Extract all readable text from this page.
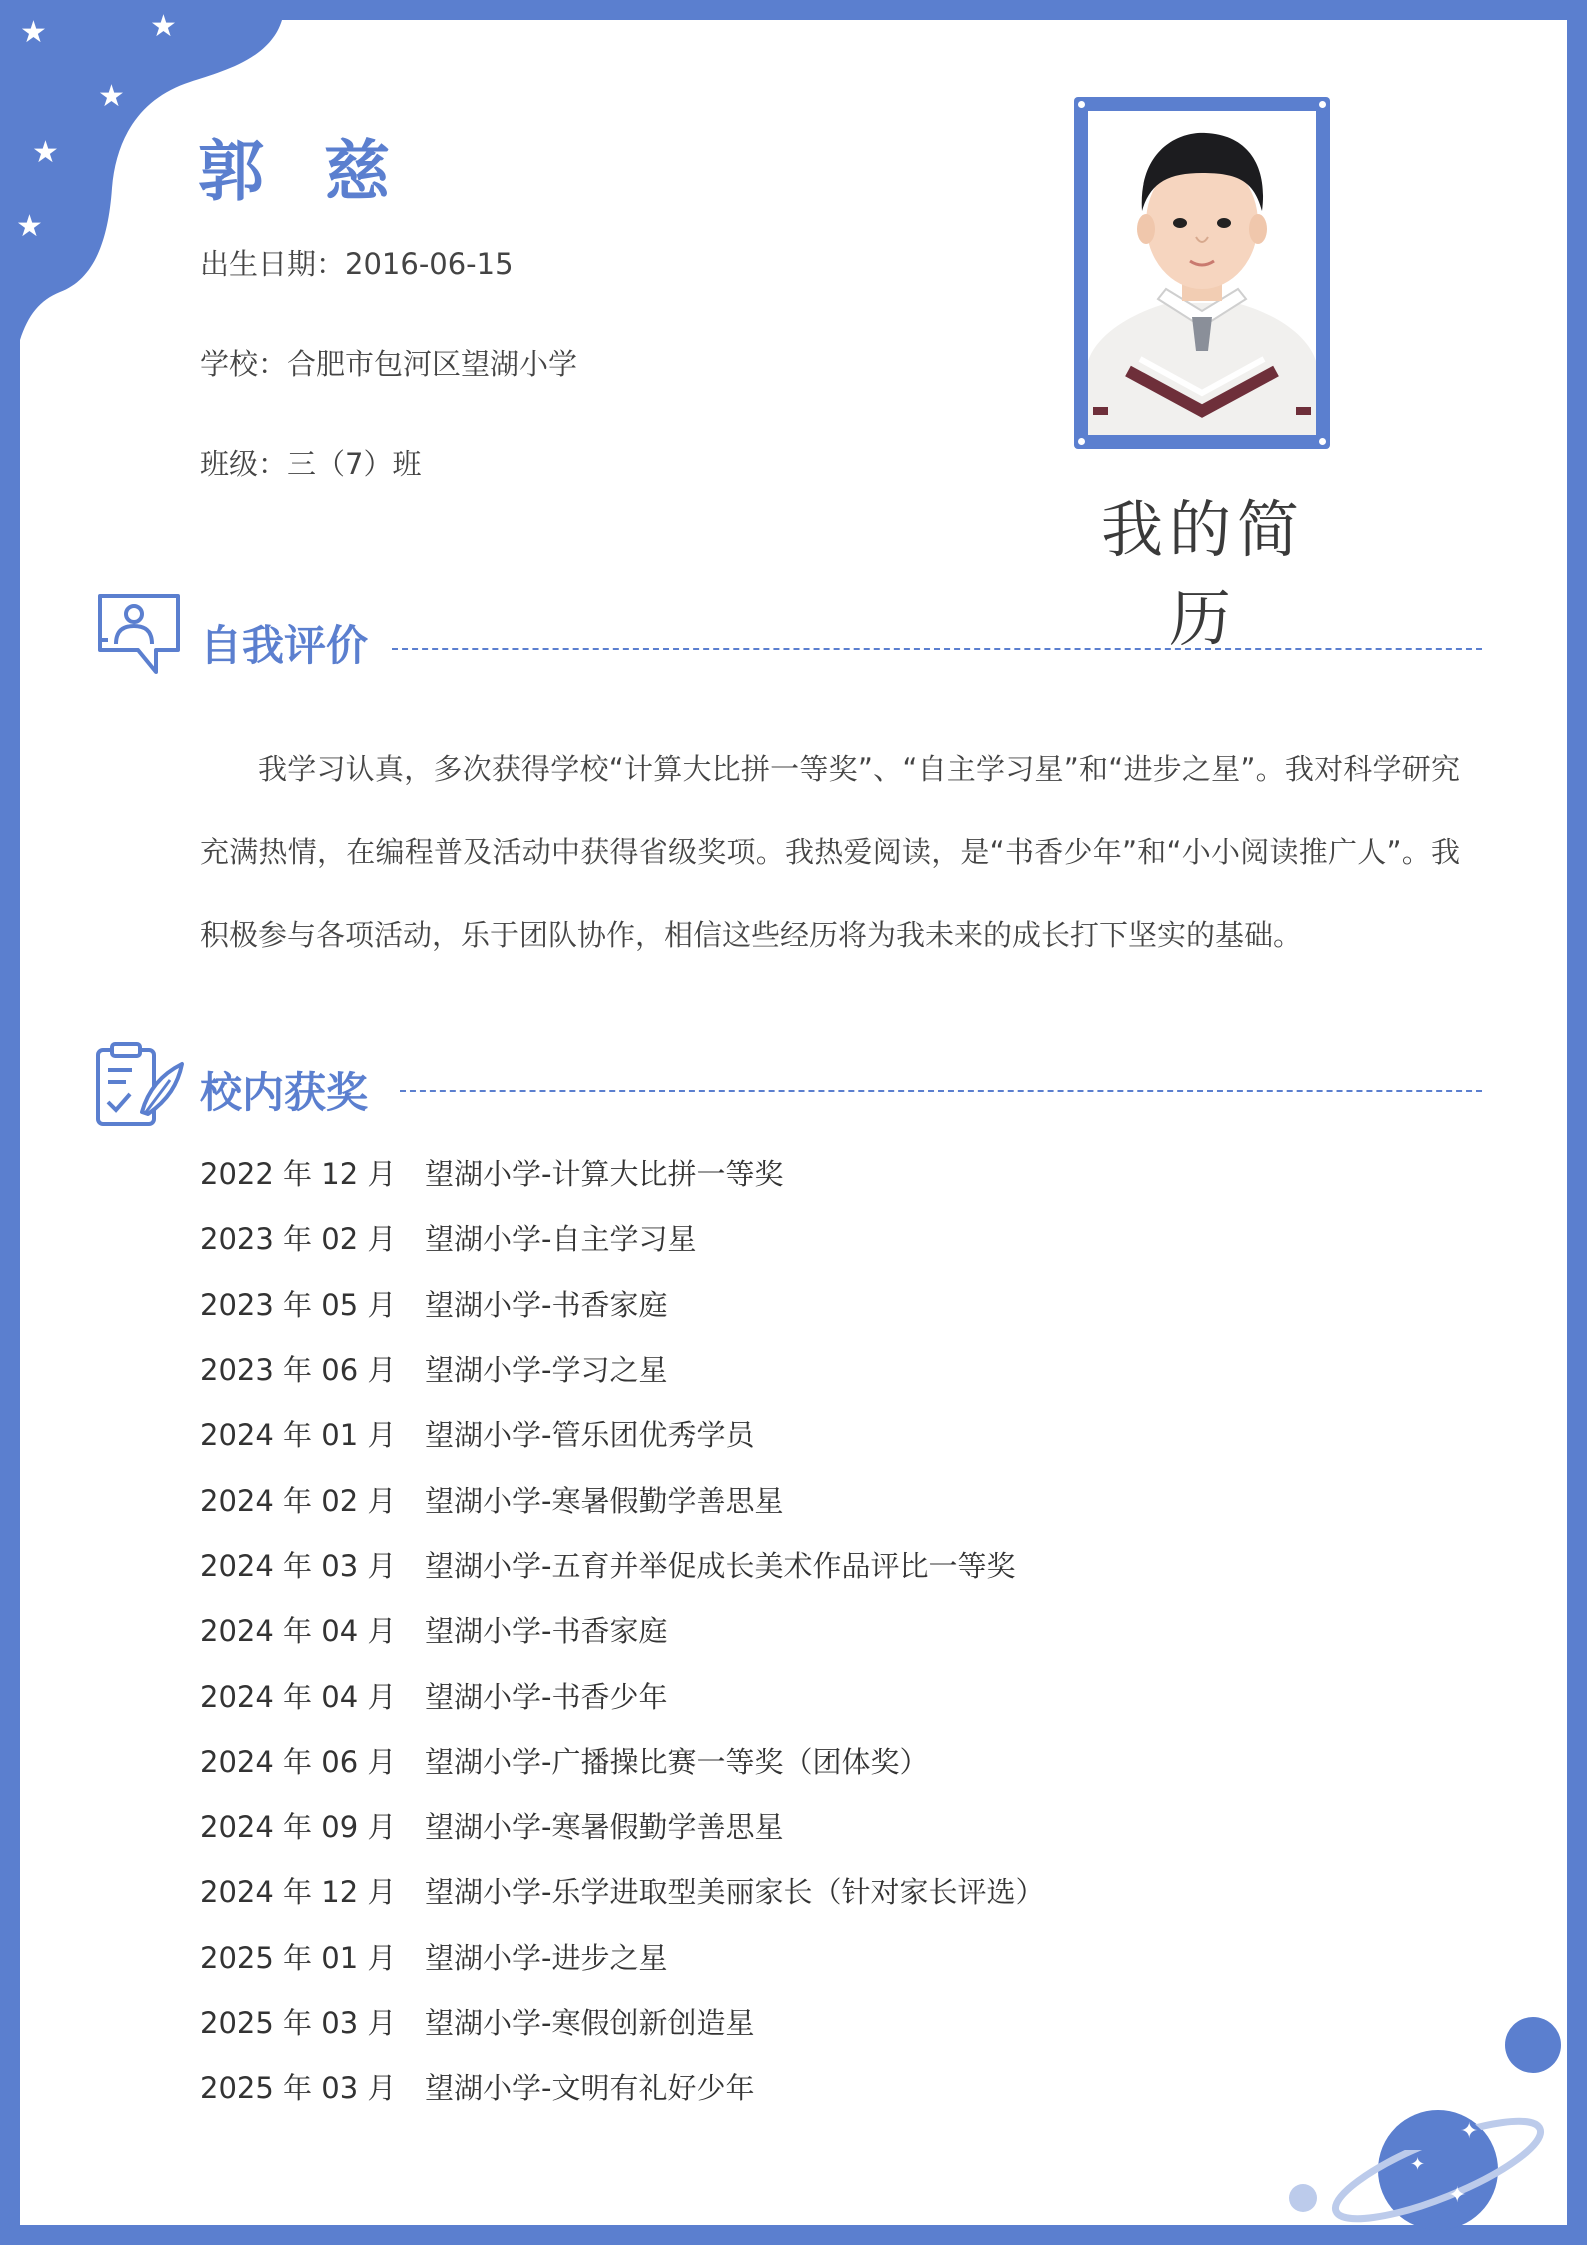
★	★
★
★
★
郭慈
出生日期：2016-06-15
学校：合肥市包河区望湖小学
班级：三（7）班
我的简历
自我评价
我学习认真，多次获得学校“计算大比拼一等奖”、“自主学习星”和“进步之星”。我对科学研究充满热情，在编程普及活动中获得省级奖项。我热爱阅读，是“书香少年”和“小小阅读推广人”。我积极参与各项活动，乐于团队协作，相信这些经历将为我未来的成长打下坚实的基础。
校内获奖
2022 年 12 月 望湖小学-计算大比拼一等奖
2023 年 02 月 望湖小学-自主学习星
2023 年 05 月 望湖小学-书香家庭
2023 年 06 月 望湖小学-学习之星
2024 年 01 月 望湖小学-管乐团优秀学员
2024 年 02 月 望湖小学-寒暑假勤学善思星
2024 年 03 月 望湖小学-五育并举促成长美术作品评比一等奖
2024 年 04 月 望湖小学-书香家庭
2024 年 04 月 望湖小学-书香少年
2024 年 06 月 望湖小学-广播操比赛一等奖（团体奖）
2024 年 09 月 望湖小学-寒暑假勤学善思星
2024 年 12 月 望湖小学-乐学进取型美丽家长（针对家长评选）
2025 年 01 月 望湖小学-进步之星
2025 年 03 月 望湖小学-寒假创新创造星
2025 年 03 月 望湖小学-文明有礼好少年
✦
✦
✦
